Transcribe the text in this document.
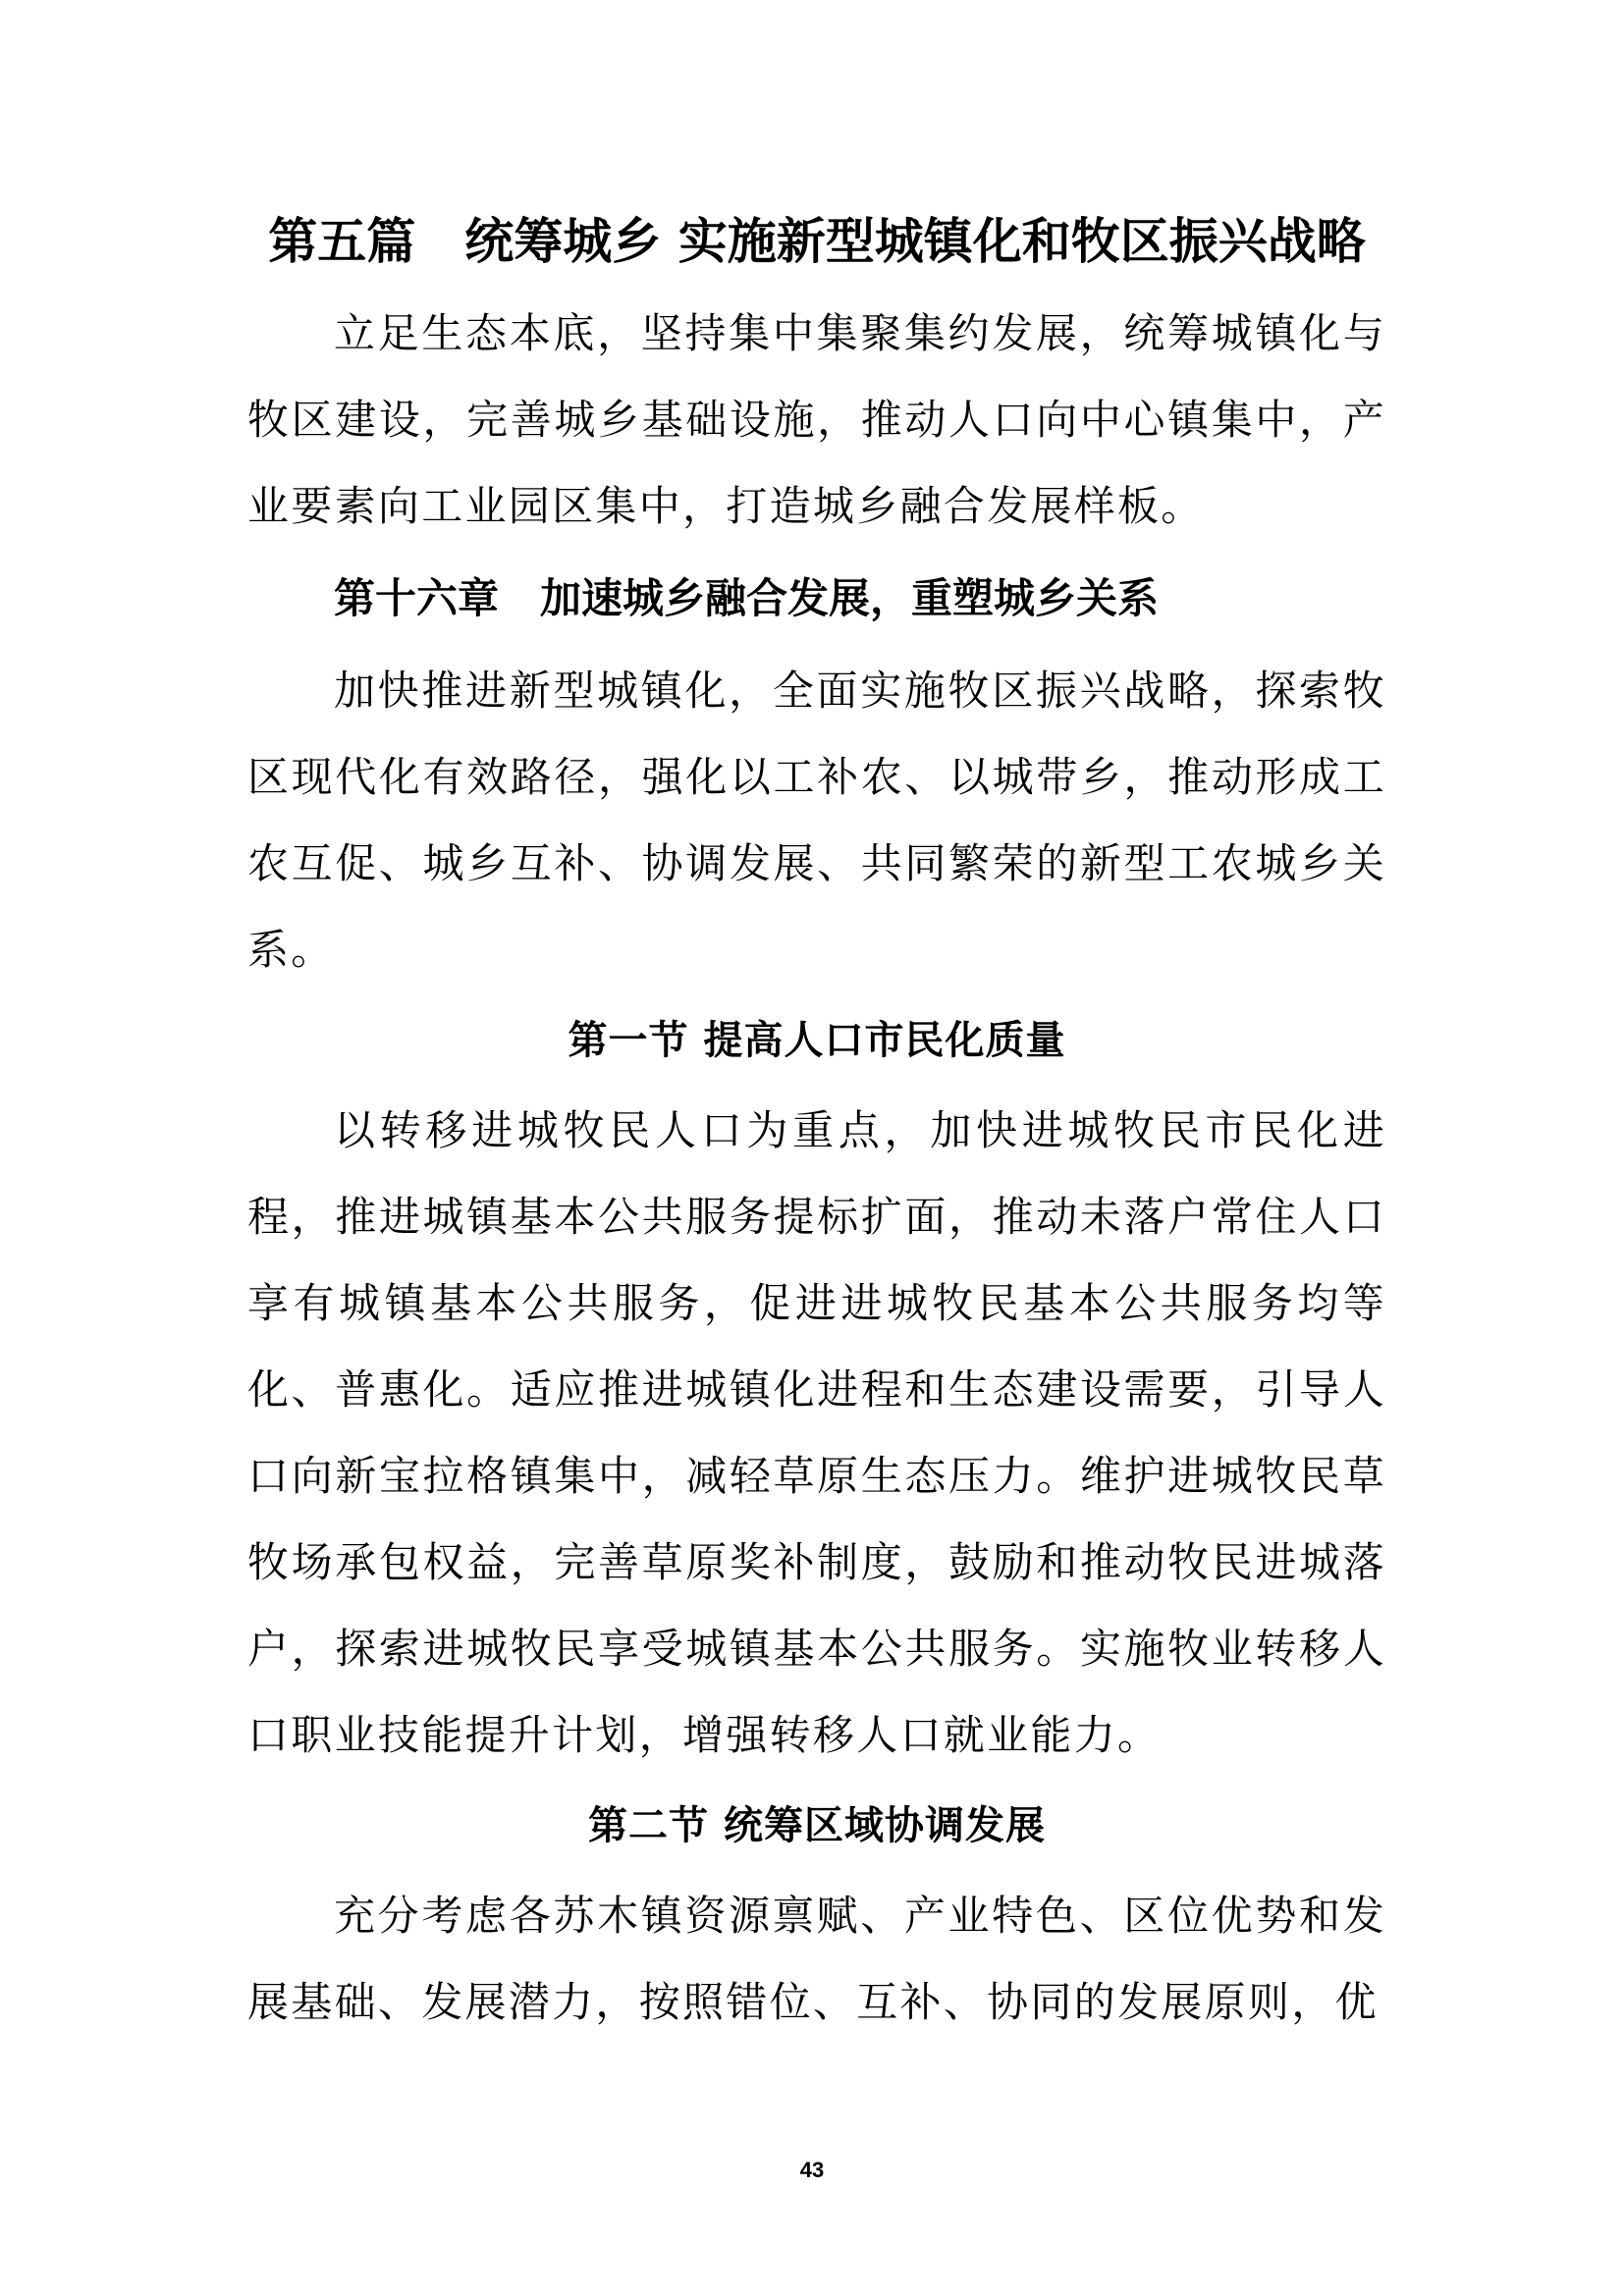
第五篇　统筹城乡 实施新型城镇化和牧区振兴战略

立足生态本底，坚持集中集聚集约发展，统筹城镇化与牧区建设，完善城乡基础设施，推动人口向中心镇集中，产业要素向工业园区集中，打造城乡融合发展样板。

第十六章　加速城乡融合发展，重塑城乡关系

加快推进新型城镇化，全面实施牧区振兴战略，探索牧区现代化有效路径，强化以工补农、以城带乡，推动形成工农互促、城乡互补、协调发展、共同繁荣的新型工农城乡关系。

第一节 提高人口市民化质量

以转移进城牧民人口为重点，加快进城牧民市民化进程，推进城镇基本公共服务提标扩面，推动未落户常住人口享有城镇基本公共服务，促进进城牧民基本公共服务均等化、普惠化。适应推进城镇化进程和生态建设需要，引导人口向新宝拉格镇集中，减轻草原生态压力。维护进城牧民草牧场承包权益，完善草原奖补制度，鼓励和推动牧民进城落户，探索进城牧民享受城镇基本公共服务。实施牧业转移人口职业技能提升计划，增强转移人口就业能力。

第二节 统筹区域协调发展

充分考虑各苏木镇资源禀赋、产业特色、区位优势和发展基础、发展潜力，按照错位、互补、协同的发展原则，优

43
